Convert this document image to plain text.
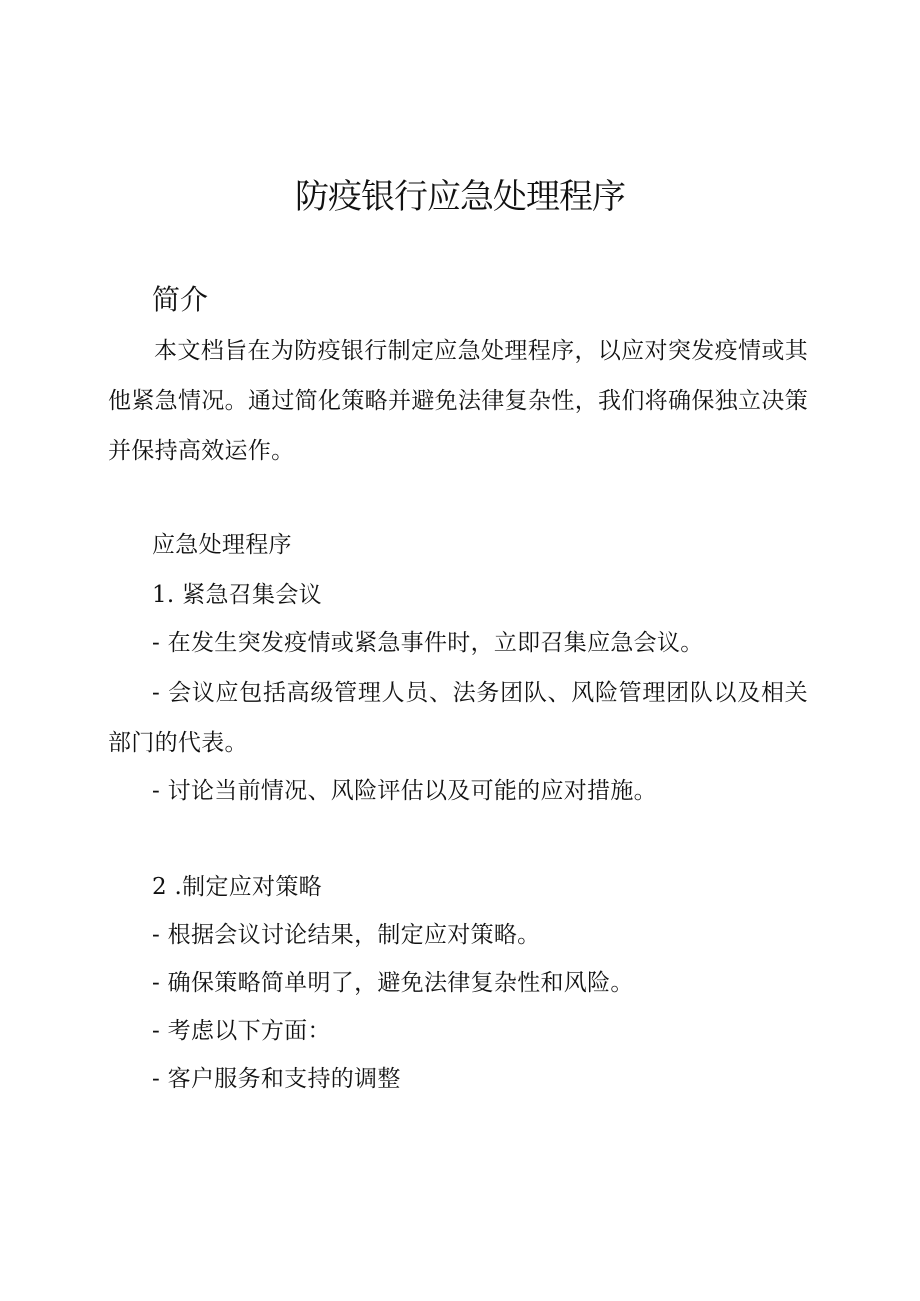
防疫银行应急处理程序
简介

本文档旨在为防疫银行制定应急处理程序，以应对突发疫情或其他紧急情况。通过简化策略并避免法律复杂性，我们将确保独立决策并保持高效运作。

应急处理程序

1. 紧急召集会议

- 在发生突发疫情或紧急事件时，立即召集应急会议。

- 会议应包括高级管理人员、法务团队、风险管理团队以及相关部门的代表。

- 讨论当前情况、风险评估以及可能的应对措施。

2 .制定应对策略

- 根据会议讨论结果，制定应对策略。

- 确保策略简单明了，避免法律复杂性和风险。

- 考虑以下方面：

- 客户服务和支持的调整
